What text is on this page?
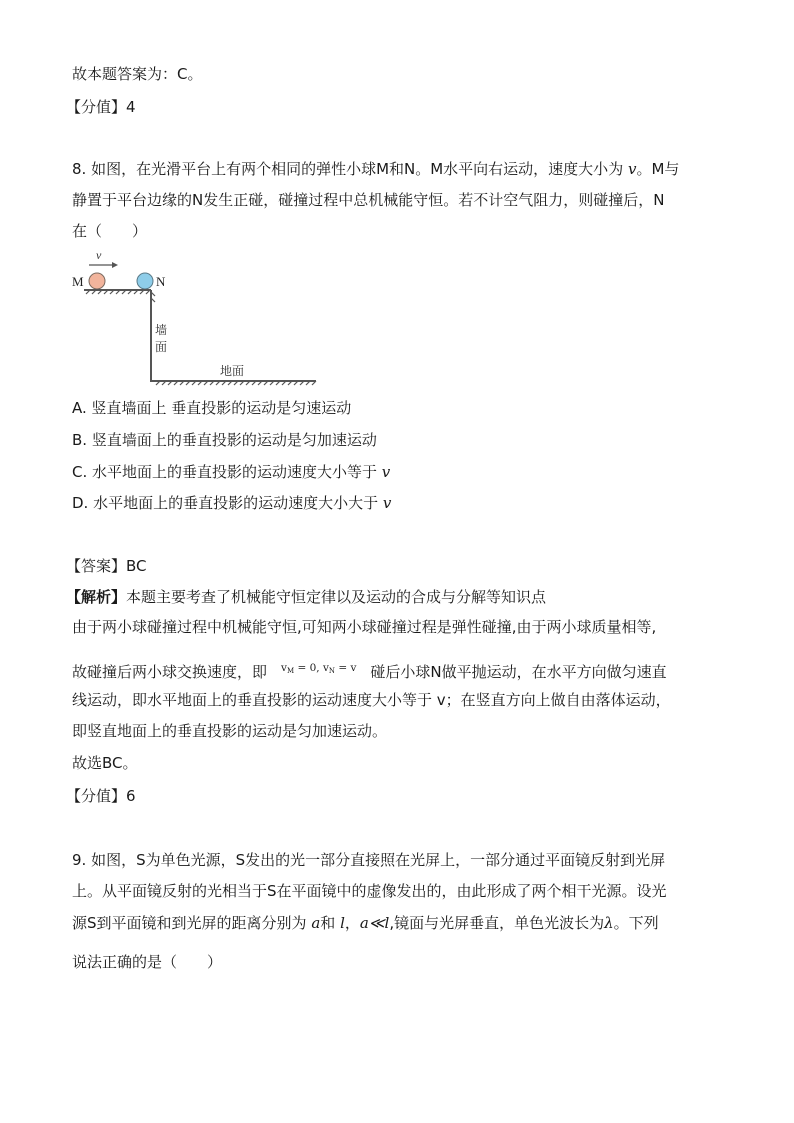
故本题答案为：C。
【分值】4
8. 如图，在光滑平台上有两个相同的弹性小球M和N。M水平向右运动，速度大小为 v。M与
静置于平台边缘的N发生正碰，碰撞过程中总机械能守恒。若不计空气阻力，则碰撞后，N
在（　　）
v
M	N
墙
面
地面
A. 竖直墙面上 垂直投影的运动是匀速运动
B. 竖直墙面上的垂直投影的运动是匀加速运动
C. 水平地面上的垂直投影的运动速度大小等于 v
D. 水平地面上的垂直投影的运动速度大小大于 v
【答案】BC
【解析】本题主要考查了机械能守恒定律以及运动的合成与分解等知识点
由于两小球碰撞过程中机械能守恒,可知两小球碰撞过程是弹性碰撞,由于两小球质量相等,
故碰撞后两小球交换速度，即 $v_M = 0$, $v_N = v$ 碰后小球N做平抛运动，在水平方向做匀速直
线运动，即水平地面上的垂直投影的运动速度大小等于 v；在竖直方向上做自由落体运动，
即竖直地面上的垂直投影的运动是匀加速运动。
故选BC。
【分值】6
9. 如图，S为单色光源，S发出的光一部分直接照在光屏上，一部分通过平面镜反射到光屏
上。从平面镜反射的光相当于S在平面镜中的虚像发出的，由此形成了两个相干光源。设光
源S到平面镜和到光屏的距离分别为 a和 l，a≪l,镜面与光屏垂直，单色光波长为λ。下列
说法正确的是（　　）
